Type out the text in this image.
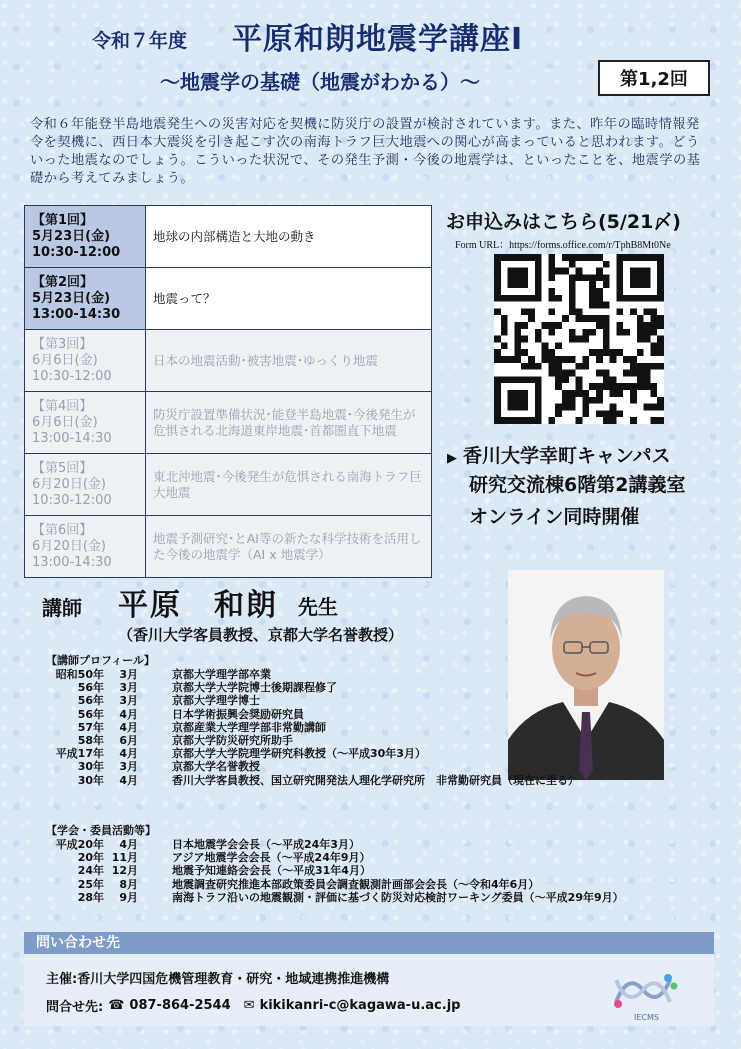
令和７年度 平原和朗地震学講座Ⅰ
～地震学の基礎（地震がわかる）～	第1,2回
令和６年能登半島地震発生への災害対応を契機に防災庁の設置が検討されています。また、昨年の臨時情報発令を契機に、西日本大震災を引き起こす次の南海トラフ巨大地震への関心が高まっていると思われます。どういった地震なのでしょう。こういった状況で、その発生予測・今後の地震学は、といったことを、地震学の基礎から考えてみましょう。
【第1回】
5月23日(金)
10:30-12:00	地球の内部構造と大地の動き

【第2回】
5月23日(金)
13:00-14:30	地震って？

【第3回】
6月6日(金)
10:30-12:00	日本の地震活動･被害地震･ゆっくり地震

【第4回】
6月6日(金)
13:00-14:30	防災庁設置準備状況･能登半島地震･今後発生が危惧される北海道東岸地震･首都圏直下地震

【第5回】
6月20日(金)
10:30-12:00	東北沖地震･今後発生が危惧される南海トラフ巨大地震

【第6回】
6月20日(金)
13:00-14:30	地震予測研究･とAI等の新たな科学技術を活用した今後の地震学（AI x 地震学）
お申込みはこちら(5/21〆)
Form URL：https://forms.office.com/r/TphB8Mt0Ne
▶ 香川大学幸町キャンパス
研究交流棟6階第2講義室
オンライン同時開催
講師 平原　和朗 先生
（香川大学客員教授、京都大学名誉教授）
【講師プロフィール】
昭和50年	3月	京都大学理学部卒業
56年	3月	京都大学大学院博士後期課程修了
56年	3月	京都大学理学博士
56年	4月	日本学術振興会奨励研究員
57年	4月	京都産業大学理学部非常勤講師
58年	6月	京都大学防災研究所助手
平成17年	4月	京都大学大学院理学研究科教授（～平成30年3月）
30年	3月	京都大学名誉教授
30年	4月	香川大学客員教授、国立研究開発法人理化学研究所　非常勤研究員（現在に至る）
【学会・委員活動等】
平成20年	4月	日本地震学会会長（～平成24年3月）
20年 11月	アジア地震学会会長（～平成24年9月）
24年 12月	地震予知連絡会会長（～平成31年4月）
25年	8月	地震調査研究推進本部政策委員会調査観測計画部会会長（～令和4年6月）
28年	9月	南海トラフ沿いの地震観測・評価に基づく防災対応検討ワーキング委員（～平成29年9月）
問い合わせ先
主催:香川大学四国危機管理教育・研究・地域連携推進機構
問合せ先: ☎ 087-864-2544 ✉ kikikanri-c@kagawa-u.ac.jp
IECMS
